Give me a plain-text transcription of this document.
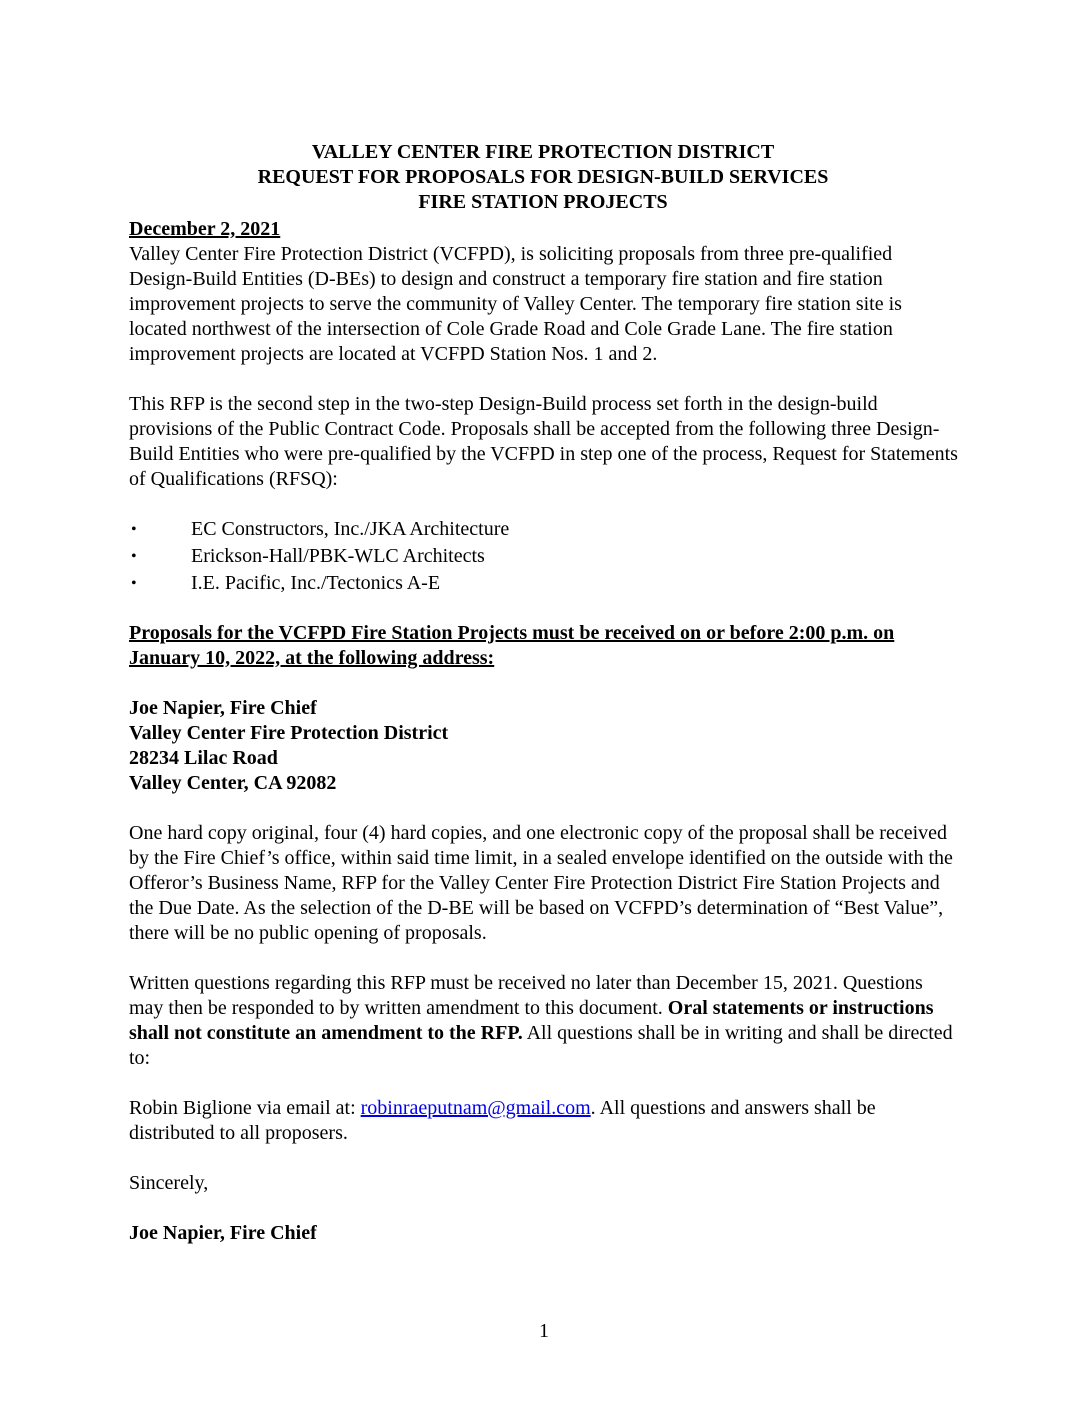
VALLEY CENTER FIRE PROTECTION DISTRICT
REQUEST FOR PROPOSALS FOR DESIGN-BUILD SERVICES
FIRE STATION PROJECTS
December 2, 2021

Valley Center Fire Protection District (VCFPD), is soliciting proposals from three pre-qualified Design-Build Entities (D-BEs) to design and construct a temporary fire station and fire station improvement projects to serve the community of Valley Center. The temporary fire station site is located northwest of the intersection of Cole Grade Road and Cole Grade Lane. The fire station improvement projects are located at VCFPD Station Nos. 1 and 2.

This RFP is the second step in the two-step Design-Build process set forth in the design-build provisions of the Public Contract Code. Proposals shall be accepted from the following three Design-Build Entities who were pre-qualified by the VCFPD in step one of the process, Request for Statements of Qualifications (RFSQ):

•	EC Constructors, Inc./JKA Architecture
•	Erickson-Hall/PBK-WLC Architects
•	I.E. Pacific, Inc./Tectonics A-E

Proposals for the VCFPD Fire Station Projects must be received on or before 2:00 p.m. on January 10, 2022, at the following address:

Joe Napier, Fire Chief
Valley Center Fire Protection District
28234 Lilac Road
Valley Center, CA 92082

One hard copy original, four (4) hard copies, and one electronic copy of the proposal shall be received by the Fire Chief’s office, within said time limit, in a sealed envelope identified on the outside with the Offeror’s Business Name, RFP for the Valley Center Fire Protection District Fire Station Projects and the Due Date. As the selection of the D-BE will be based on VCFPD’s determination of “Best Value”, there will be no public opening of proposals.

Written questions regarding this RFP must be received no later than December 15, 2021. Questions may then be responded to by written amendment to this document. Oral statements or instructions shall not constitute an amendment to the RFP. All questions shall be in writing and shall be directed to:

Robin Biglione via email at: robinraeputnam@gmail.com. All questions and answers shall be distributed to all proposers.

Sincerely,

Joe Napier, Fire Chief
1
